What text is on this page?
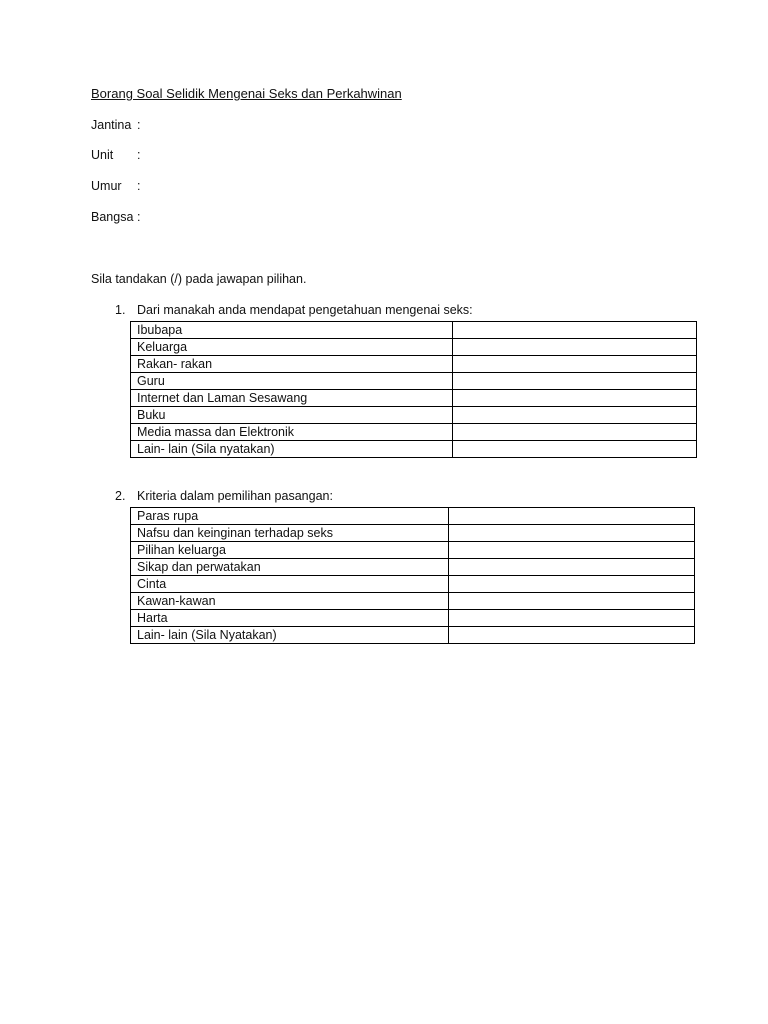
Borang Soal Selidik Mengenai Seks dan Perkahwinan
Jantina :
Unit :
Umur :
Bangsa :
Sila tandakan (/) pada jawapan pilihan.
1. Dari manakah anda mendapat pengetahuan mengenai seks:
Ibubapa	
Keluarga	
Rakan- rakan	
Guru	
Internet dan Laman Sesawang	
Buku	
Media massa dan Elektronik	
Lain- lain (Sila nyatakan)	
2. Kriteria dalam pemilihan pasangan:
Paras rupa	
Nafsu dan keinginan terhadap seks	
Pilihan keluarga	
Sikap dan perwatakan	
Cinta	
Kawan-kawan	
Harta	
Lain- lain (Sila Nyatakan)	
